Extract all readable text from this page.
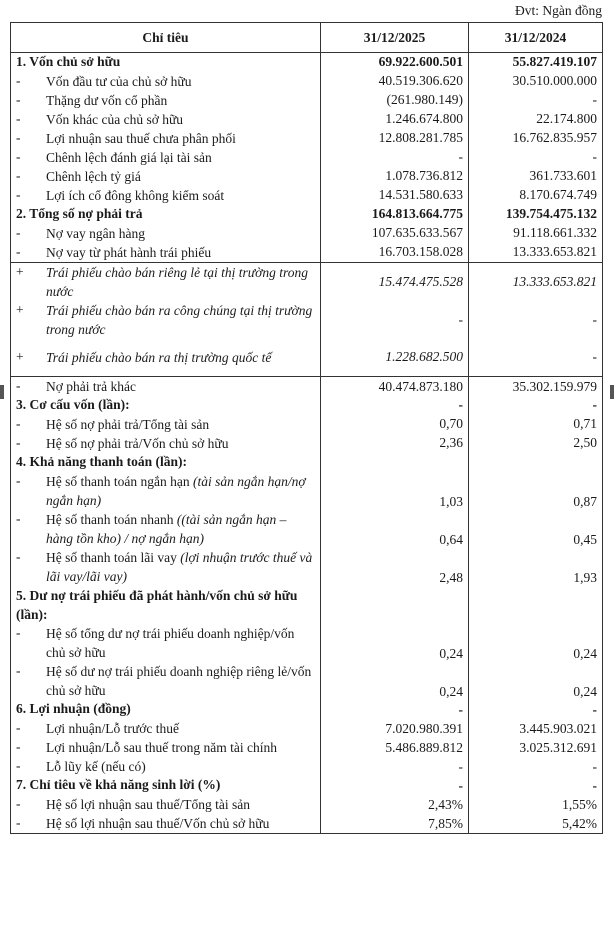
Đvt: Ngàn đồng
Chỉ tiêu	31/12/2025	31/12/2024
1. Vốn chủ sở hữu	69.922.600.501	55.827.419.107
- Vốn đầu tư của chủ sở hữu	40.519.306.620	30.510.000.000
- Thặng dư vốn cổ phần	(261.980.149)	-
- Vốn khác của chủ sở hữu	1.246.674.800	22.174.800
- Lợi nhuận sau thuế chưa phân phối	12.808.281.785	16.762.835.957
- Chênh lệch đánh giá lại tài sản	-	-
- Chênh lệch tỷ giá	1.078.736.812	361.733.601
- Lợi ích cổ đông không kiểm soát	14.531.580.633	8.170.674.749
2. Tổng số nợ phải trả	164.813.664.775	139.754.475.132
- Nợ vay ngân hàng	107.635.633.567	91.118.661.332
- Nợ vay từ phát hành trái phiếu	16.703.158.028	13.333.653.821
+ Trái phiếu chào bán riêng lẻ tại thị trường trong nước	15.474.475.528	13.333.653.821
+ Trái phiếu chào bán ra công chúng tại thị trường trong nước	-	-
+ Trái phiếu chào bán ra thị trường quốc tế	1.228.682.500	-
- Nợ phải trả khác	40.474.873.180	35.302.159.979
3. Cơ cấu vốn (lần):	-	-
- Hệ số nợ phải trả/Tổng tài sản	0,70	0,71
- Hệ số nợ phải trả/Vốn chủ sở hữu	2,36	2,50
4. Khả năng thanh toán (lần):		
- Hệ số thanh toán ngắn hạn (tài sản ngắn hạn/nợ ngắn hạn)	1,03	0,87
- Hệ số thanh toán nhanh ((tài sản ngắn hạn – hàng tồn kho) / nợ ngắn hạn)	0,64	0,45
- Hệ số thanh toán lãi vay (lợi nhuận trước thuế và lãi vay/lãi vay)	2,48	1,93
5. Dư nợ trái phiếu đã phát hành/vốn chủ sở hữu (lần):		
- Hệ số tổng dư nợ trái phiếu doanh nghiệp/vốn chủ sở hữu	0,24	0,24
- Hệ số dư nợ trái phiếu doanh nghiệp riêng lẻ/vốn chủ sở hữu	0,24	0,24
6. Lợi nhuận (đồng)	-	-
- Lợi nhuận/Lỗ trước thuế	7.020.980.391	3.445.903.021
- Lợi nhuận/Lỗ sau thuế trong năm tài chính	5.486.889.812	3.025.312.691
- Lỗ lũy kế (nếu có)	-	-
7. Chỉ tiêu về khả năng sinh lời (%)	-	-
- Hệ số lợi nhuận sau thuế/Tổng tài sản	2,43%	1,55%
- Hệ số lợi nhuận sau thuế/Vốn chủ sở hữu	7,85%	5,42%
